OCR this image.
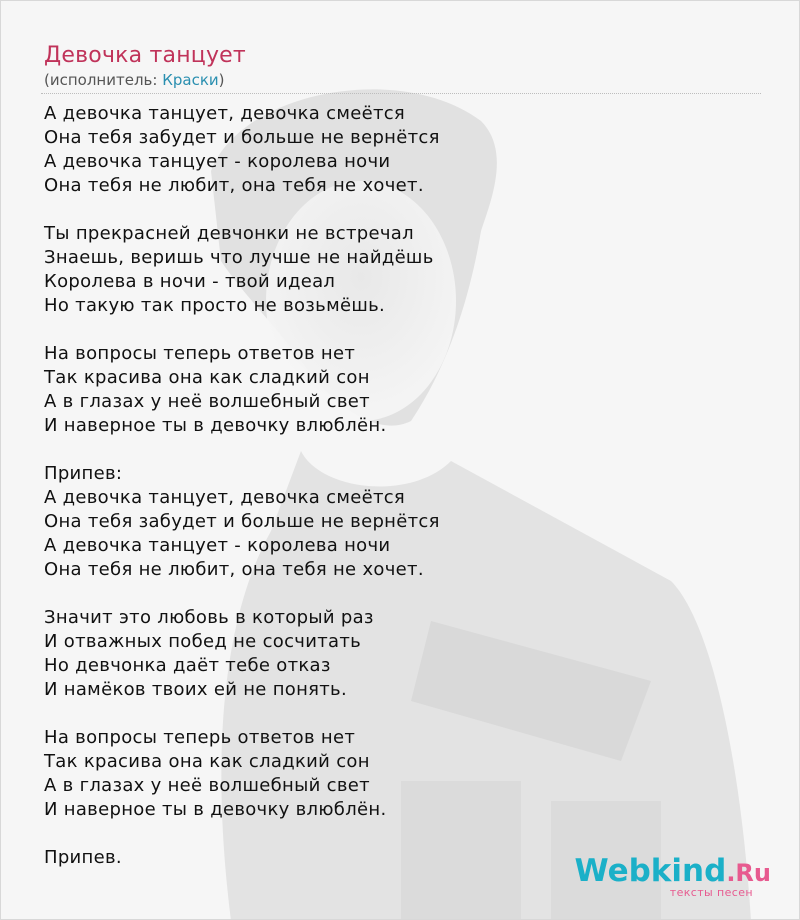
Девочка танцует
(исполнитель: Краски)
А девочка танцует, девочка смеётся
Она тебя забудет и больше не вернётся
А девочка танцует - королева ночи
Она тебя не любит, она тебя не хочет.
Ты прекрасней девчонки не встречал
Знаешь, веришь что лучше не найдёшь
Королева в ночи - твой идеал
Но такую так просто не возьмёшь.
На вопросы теперь ответов нет
Так красива она как сладкий сон
А в глазах у неё волшебный свет
И наверное ты в девочку влюблён.
Припев:
А девочка танцует, девочка смеётся
Она тебя забудет и больше не вернётся
А девочка танцует - королева ночи
Она тебя не любит, она тебя не хочет.
Значит это любовь в который раз
И отважных побед не сосчитать
Но девчонка даёт тебе отказ
И намёков твоих ей не понять.
На вопросы теперь ответов нет
Так красива она как сладкий сон
А в глазах у неё волшебный свет
И наверное ты в девочку влюблён.
Припев.	Webkind.Ru
тексты песен
